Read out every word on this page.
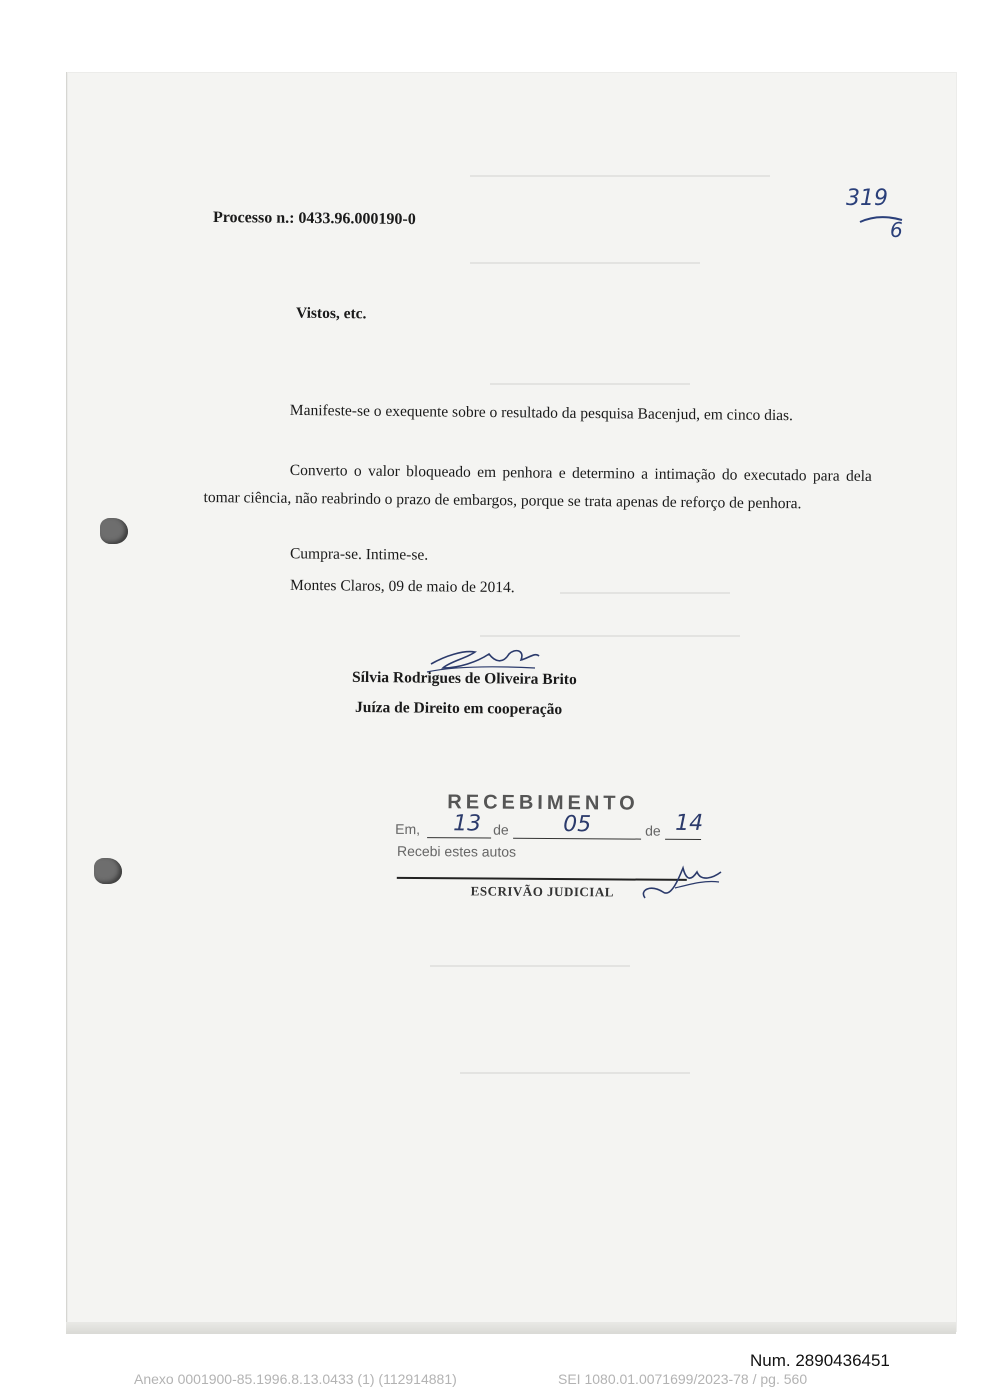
319
6
Processo n.: 0433.96.000190-0
Vistos, etc.
Manifeste-se o exequente sobre o resultado da pesquisa Bacenjud, em cinco dias.
Converto o valor bloqueado em penhora e determino a intimação do executado para dela tomar ciência, não reabrindo o prazo de embargos, porque se trata apenas de reforço de penhora.
Cumpra-se. Intime-se.
Montes Claros, 09 de maio de 2014.
Sílvia Rodrigues de Oliveira Brito
Juíza de Direito em cooperação
RECEBIMENTO
Em, 13 de 05	de 14
Recebi estes autos
ESCRIVÃO JUDICIAL
Num. 2890436451
Anexo 0001900-85.1996.8.13.0433 (1) (112914881)	SEI 1080.01.0071699/2023-78 / pg. 560
